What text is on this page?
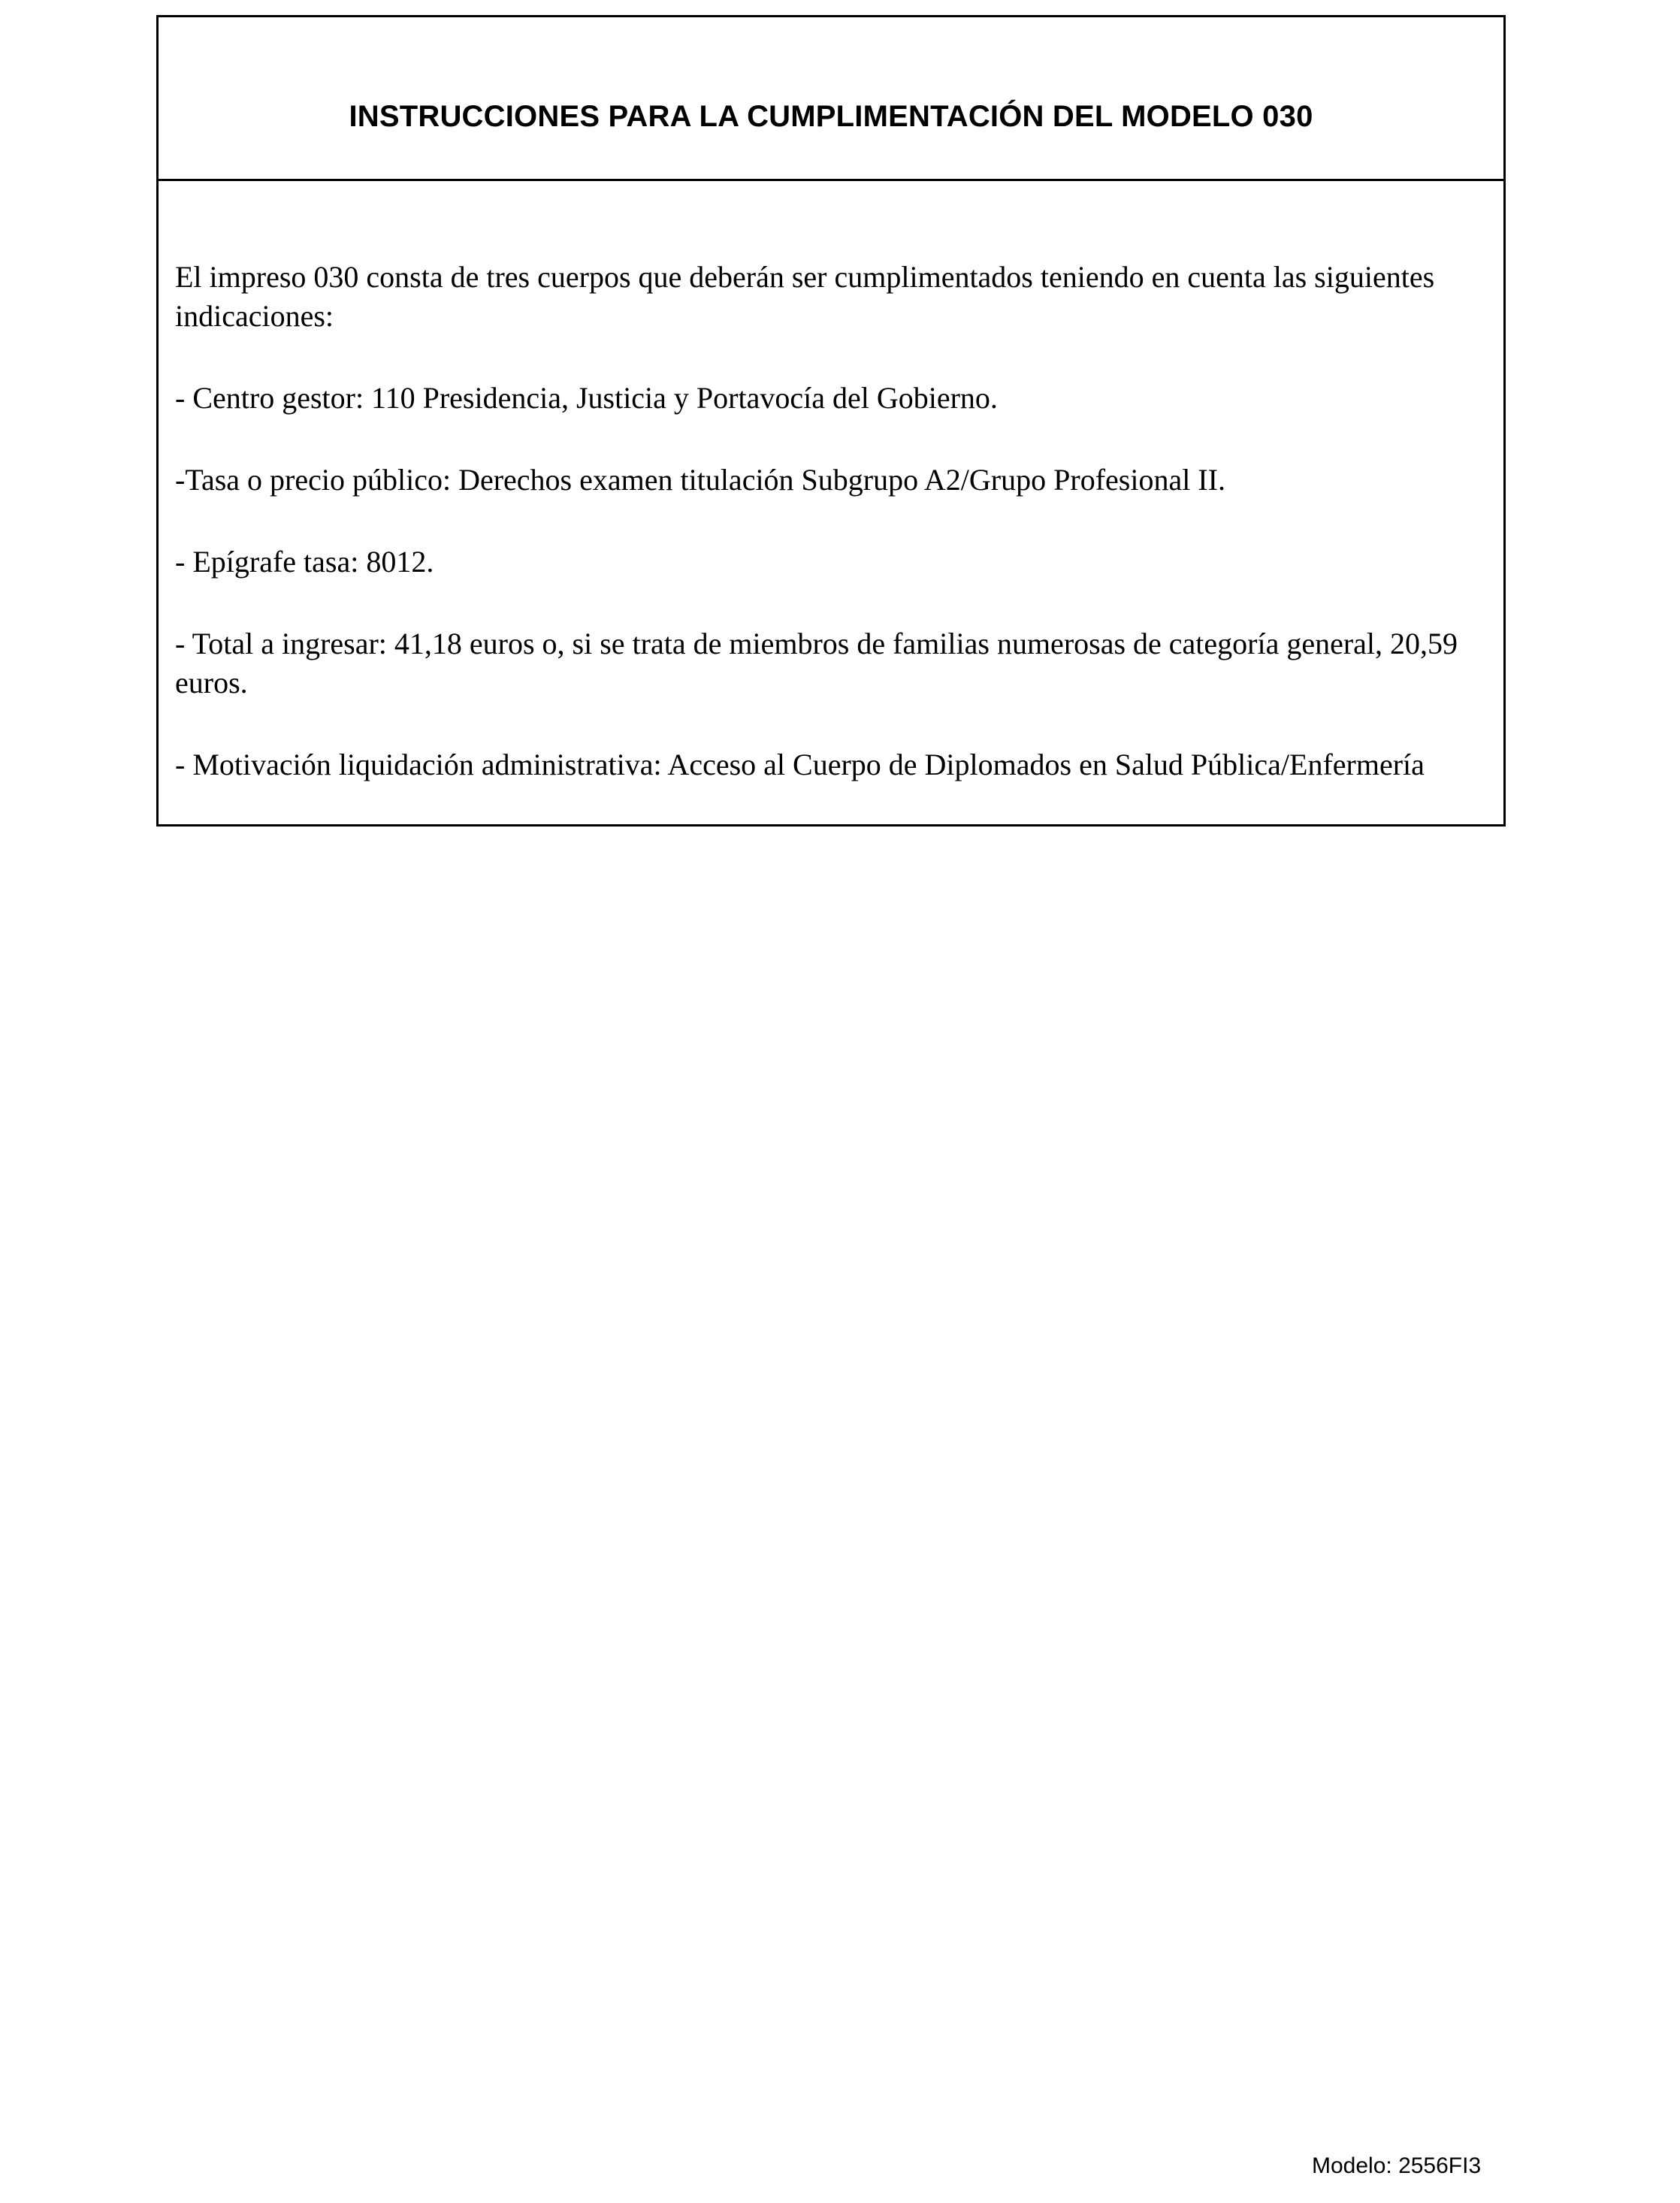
INSTRUCCIONES PARA LA CUMPLIMENTACIÓN DEL MODELO 030

El impreso 030 consta de tres cuerpos que deberán ser cumplimentados teniendo en cuenta las siguientes indicaciones:

- Centro gestor: 110 Presidencia, Justicia y Portavocía del Gobierno.

-Tasa o precio público: Derechos examen titulación Subgrupo A2/Grupo Profesional II.

- Epígrafe tasa: 8012.

- Total a ingresar: 41,18 euros o, si se trata de miembros de familias numerosas de categoría general, 20,59 euros.

- Motivación liquidación administrativa: Acceso al Cuerpo de Diplomados en Salud Pública/Enfermería

Modelo: 2556FI3
